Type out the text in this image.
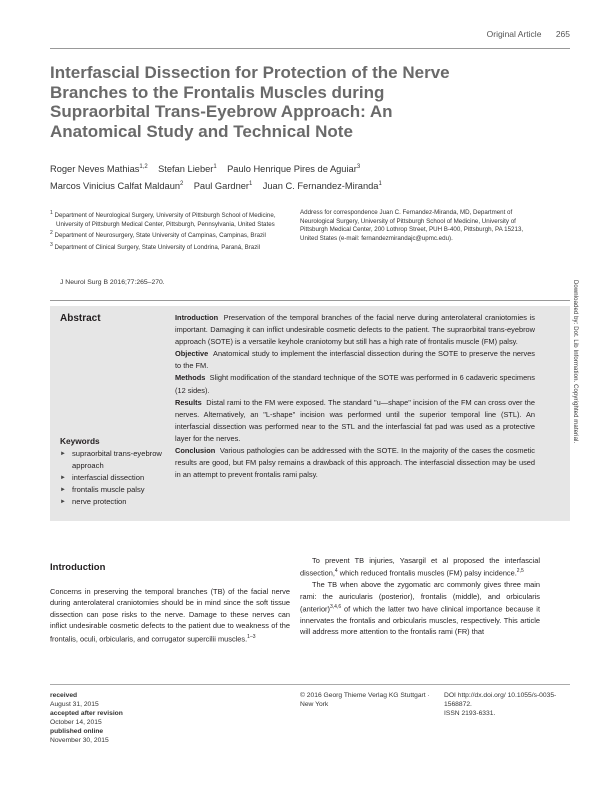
Original Article 265
Interfascial Dissection for Protection of the Nerve Branches to the Frontalis Muscles during Supraorbital Trans-Eyebrow Approach: An Anatomical Study and Technical Note
Roger Neves Mathias$^{1,2}$ Stefan Lieber$^1$ Paulo Henrique Pires de Aguiar$^3$
Marcos Vinicius Calfat Maldaun$^2$ Paul Gardner$^1$ Juan C. Fernandez-Miranda$^1$
$^1$ Department of Neurological Surgery, University of Pittsburgh School of Medicine, University of Pittsburgh Medical Center, Pittsburgh, Pennsylvania, United States
$^2$ Department of Neurosurgery, State University of Campinas, Campinas, Brazil
$^3$ Department of Clinical Surgery, State University of Londrina, Paraná, Brazil
Address for correspondence Juan C. Fernandez-Miranda, MD, Department of Neurological Surgery, University of Pittsburgh School of Medicine, University of Pittsburgh Medical Center, 200 Lothrop Street, PUH B-400, Pittsburgh, PA 15213, United States (e-mail: fernandezmirandajc@upmc.edu).
J Neurol Surg B 2016;77:265–270.
Abstract
Keywords
► supraorbital trans-eyebrow approach
► interfascial dissection
► frontalis muscle palsy
► nerve protection

Introduction Preservation of the temporal branches of the facial nerve during anterolateral craniotomies is important. Damaging it can inflict undesirable cosmetic defects to the patient. The supraorbital trans-eyebrow approach (SOTE) is a versatile keyhole craniotomy but still has a high rate of frontalis muscle (FM) palsy.

Objective Anatomical study to implement the interfascial dissection during the SOTE to preserve the nerves to the FM.

Methods Slight modification of the standard technique of the SOTE was performed in 6 cadaveric specimens (12 sides).

Results Distal rami to the FM were exposed. The standard "u—shape" incision of the FM can cross over the nerves. Alternatively, an "L-shape" incision was performed until the superior temporal line (STL). An interfascial dissection was performed near to the STL and the interfascial fat pad was used as a protective layer for the nerves.

Conclusion Various pathologies can be addressed with the SOTE. In the majority of the cases the cosmetic results are good, but FM palsy remains a drawback of this approach. The interfascial dissection may be used in an attempt to prevent frontalis rami palsy.

Introduction

Concerns in preserving the temporal branches (TB) of the facial nerve during anterolateral craniotomies should be in mind since the soft tissue dissection can pose risks to the nerve. Damage to these nerves can inflict undesirable cosmetic defects to the patient due to weakness of the frontalis, oculi, orbicularis, and corrugator supercilii muscles.$^{1-3}$

To prevent TB injuries, Yasargil et al proposed the interfascial dissection,$^4$ which reduced frontalis muscles (FM) palsy incidence.$^{2,5}$

The TB when above the zygomatic arc commonly gives three main rami: the auricularis (posterior), frontalis (middle), and orbicularis (anterior)$^{3,4,6}$ of which the latter two have clinical importance because it innervates the frontalis and orbicularis muscles, respectively. This article will address more attention to the frontalis rami (FR) that

received
August 31, 2015
accepted after revision
October 14, 2015
published online
November 30, 2015
© 2016 Georg Thieme Verlag KG Stuttgart · New York
DOI http://dx.doi.org/ 10.1055/s-0035-1568872.
ISSN 2193-6331.
Downloaded by: Dot. Lib Information. Copyrighted material.
